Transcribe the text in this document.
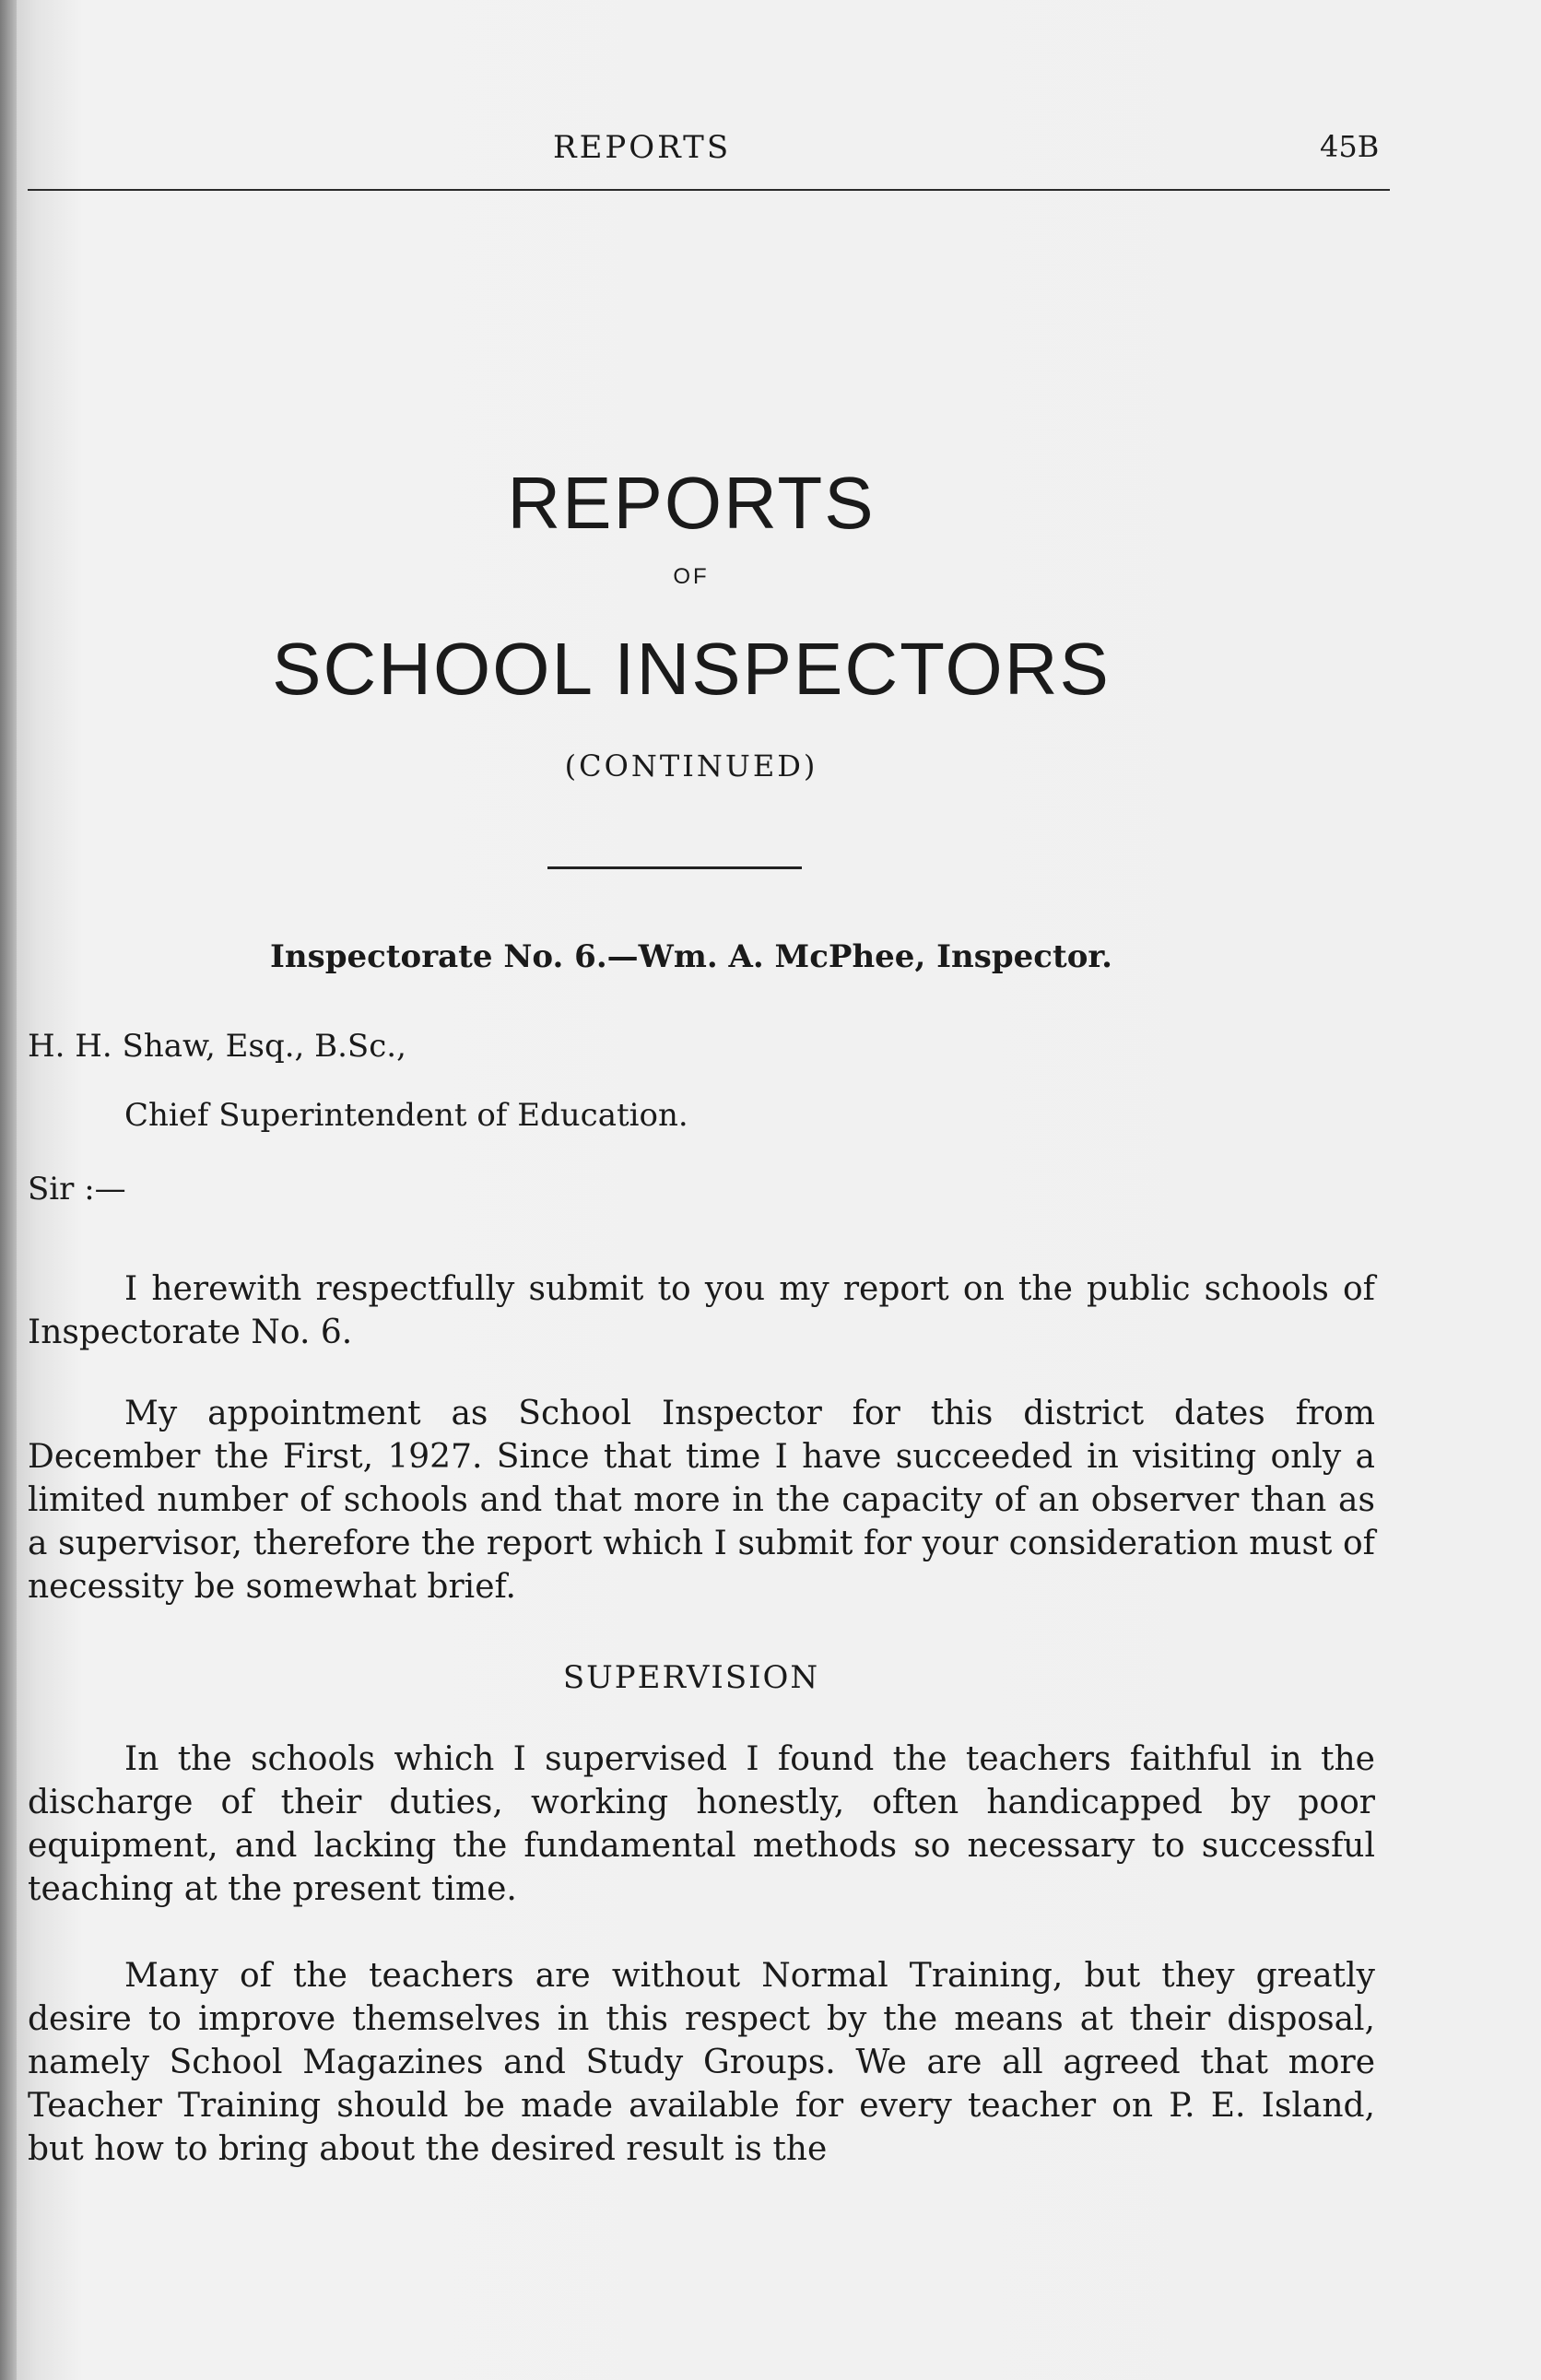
REPORTS	45B
REPORTS
OF
SCHOOL INSPECTORS
(CONTINUED)
Inspectorate No. 6.—Wm. A. McPhee, Inspector.
H. H. Shaw, Esq., B.Sc.,
Chief Superintendent of Education.
Sir :—
I herewith respectfully submit to you my report on the public schools of Inspectorate No. 6.
My appointment as School Inspector for this district dates from December the First, 1927. Since that time I have succeeded in visiting only a limited number of schools and that more in the capacity of an observer than as a supervisor, therefore the report which I submit for your consideration must of necessity be somewhat brief.
SUPERVISION
In the schools which I supervised I found the teachers faithful in the discharge of their duties, working honestly, often handicapped by poor equipment, and lacking the fundamental methods so necessary to successful teaching at the present time.
Many of the teachers are without Normal Training, but they greatly desire to improve themselves in this respect by the means at their disposal, namely School Magazines and Study Groups. We are all agreed that more Teacher Training should be made available for every teacher on P. E. Island, but how to bring about the desired result is the
